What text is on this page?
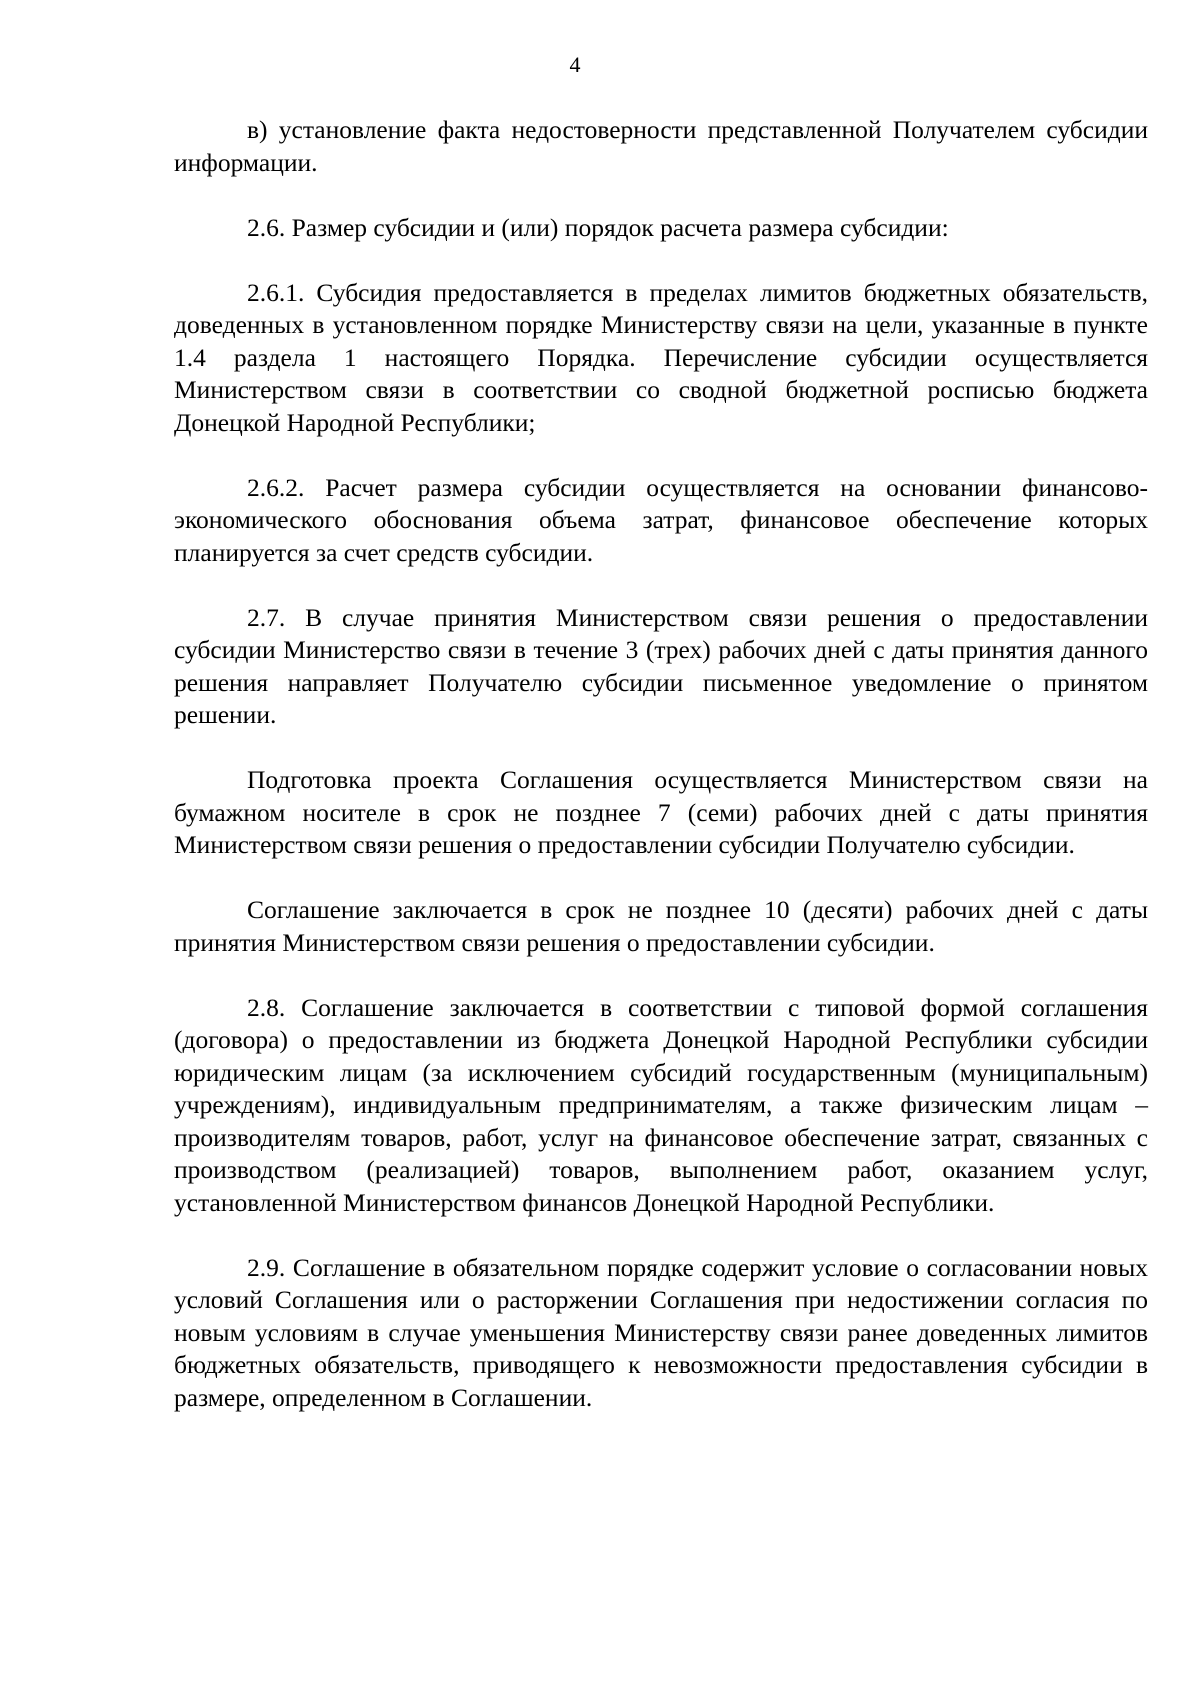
4

в) установление факта недостоверности представленной Получателем субсидии информации.

2.6. Размер субсидии и (или) порядок расчета размера субсидии:

2.6.1. Субсидия предоставляется в пределах лимитов бюджетных обязательств, доведенных в установленном порядке Министерству связи на цели, указанные в пункте 1.4 раздела 1 настоящего Порядка. Перечисление субсидии осуществляется Министерством связи в соответствии со сводной бюджетной росписью бюджета Донецкой Народной Республики;

2.6.2. Расчет размера субсидии осуществляется на основании финансово-экономического обоснования объема затрат, финансовое обеспечение которых планируется за счет средств субсидии.

2.7. В случае принятия Министерством связи решения о предоставлении субсидии Министерство связи в течение 3 (трех) рабочих дней с даты принятия данного решения направляет Получателю субсидии письменное уведомление о принятом решении.

Подготовка проекта Соглашения осуществляется Министерством связи на бумажном носителе в срок не позднее 7 (семи) рабочих дней с даты принятия Министерством связи решения о предоставлении субсидии Получателю субсидии.

Соглашение заключается в срок не позднее 10 (десяти) рабочих дней с даты принятия Министерством связи решения о предоставлении субсидии.

2.8. Соглашение заключается в соответствии с типовой формой соглашения (договора) о предоставлении из бюджета Донецкой Народной Республики субсидии юридическим лицам (за исключением субсидий государственным (муниципальным) учреждениям), индивидуальным предпринимателям, а также физическим лицам – производителям товаров, работ, услуг на финансовое обеспечение затрат, связанных с производством (реализацией) товаров, выполнением работ, оказанием услуг, установленной Министерством финансов Донецкой Народной Республики.

2.9. Соглашение в обязательном порядке содержит условие о согласовании новых условий Соглашения или о расторжении Соглашения при недостижении согласия по новым условиям в случае уменьшения Министерству связи ранее доведенных лимитов бюджетных обязательств, приводящего к невозможности предоставления субсидии в размере, определенном в Соглашении.
